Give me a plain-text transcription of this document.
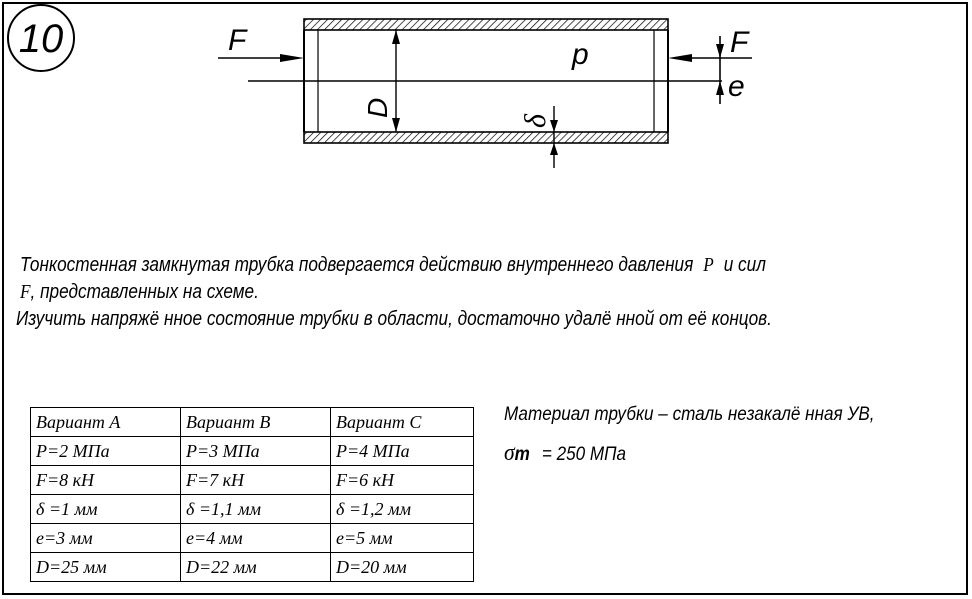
10	F	F
p
e
D
δ
Тонкостенная замкнутая трубка подвергается действию внутреннего давления P и сил
F, представленных на схеме.
Изучить напряжё нное состояние трубки в области, достаточно удалё нной от её концов.
Вариант A	Вариант B	Вариант C
P=2 МПа	P=3 МПа	P=4 МПа
F=8 кН	F=7 кН	F=6 кН
δ =1 мм	δ =1,1 мм	δ =1,2 мм
e=3 мм	e=4 мм	e=5 мм
D=25 мм	D=22 мм	D=20 мм
Материал трубки – сталь незакалё нная УВ,
σm = 250 МПа
